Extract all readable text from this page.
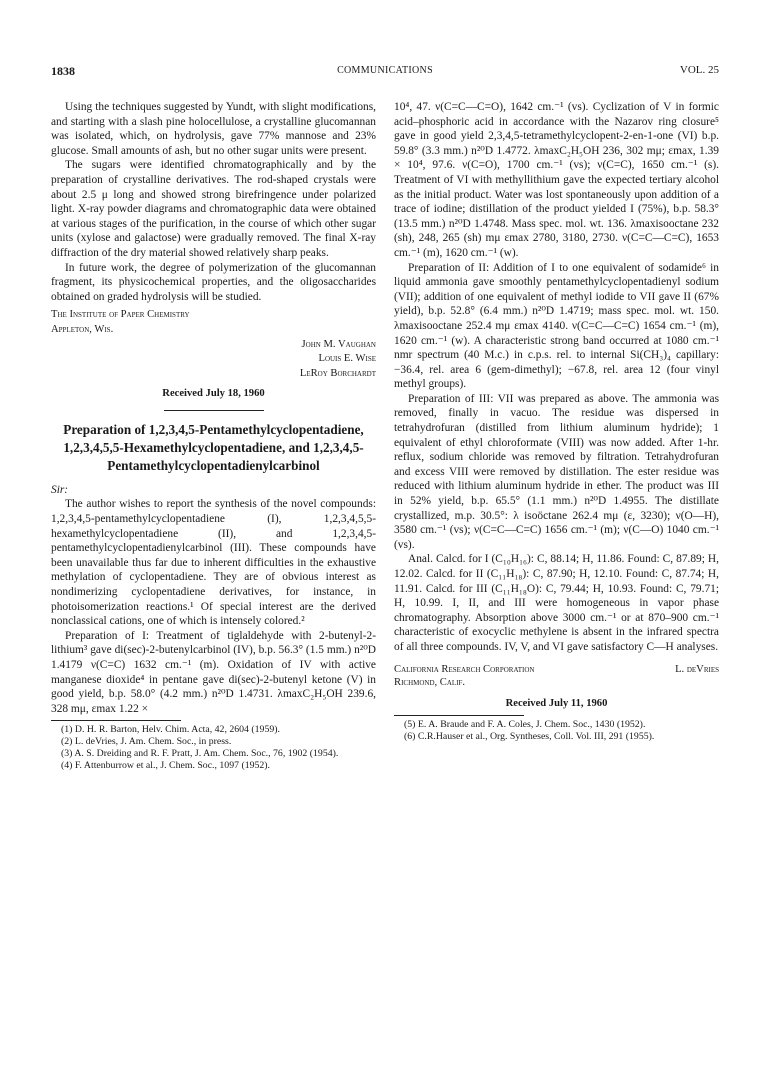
1838	COMMUNICATIONS	VOL. 25

Using the techniques suggested by Yundt, with slight modifications, and starting with a slash pine holocellulose, a crystalline glucomannan was isolated, which, on hydrolysis, gave 77% mannose and 23% glucose. Small amounts of ash, but no other sugar units were present.

The sugars were identified chromatographically and by the preparation of crystalline derivatives. The rod-shaped crystals were about 2.5 μ long and showed strong birefringence under polarized light. X-ray powder diagrams and chromatographic data were obtained at various stages of the purification, in the course of which other sugar units (xylose and galactose) were gradually removed. The final X-ray diffraction of the dry material showed relatively sharp peaks.

In future work, the degree of polymerization of the glucomannan fragment, its physicochemical properties, and the oligosaccharides obtained on graded hydrolysis will be studied.

The Institute of Paper Chemistry

Appleton, Wis.

John M. Vaughan

Louis E. Wise

LeRoy Borchardt

Received July 18, 1960
Preparation of 1,2,3,4,5-Pentamethylcyclopentadiene, 1,2,3,4,5,5-Hexamethylcyclopentadiene, and 1,2,3,4,5-Pentamethylcyclopentadienylcarbinol

Sir:

The author wishes to report the synthesis of the novel compounds: 1,2,3,4,5-pentamethylcyclopentadiene (I), 1,2,3,4,5,5-hexamethylcyclopentadiene (II), and 1,2,3,4,5-pentamethylcyclopentadienylcarbinol (III). These compounds have been unavailable thus far due to inherent difficulties in the exhaustive methylation of cyclopentadiene. They are of obvious interest as nondimerizing cyclopentadiene derivatives, for instance, in photoisomerization reactions.¹ Of special interest are the derived nonclassical cations, one of which is intensely colored.²

Preparation of I: Treatment of tiglaldehyde with 2-butenyl-2-lithium³ gave di(sec)-2-butenylcarbinol (IV), b.p. 56.3° (1.5 mm.) n²⁰D 1.4179 ν(C=C) 1632 cm.⁻¹ (m). Oxidation of IV with active manganese dioxide⁴ in pentane gave di(sec)-2-butenyl ketone (V) in good yield, b.p. 58.0° (4.2 mm.) n²⁰D 1.4731. λmaxC₂H₅OH 239.6, 328 mμ, εmax 1.22 ×

(1) D. H. R. Barton, Helv. Chim. Acta, 42, 2604 (1959).

(2) L. deVries, J. Am. Chem. Soc., in press.

(3) A. S. Dreiding and R. F. Pratt, J. Am. Chem. Soc., 76, 1902 (1954).

(4) F. Attenburrow et al., J. Chem. Soc., 1097 (1952).

10⁴, 47. ν(C=C—C=O), 1642 cm.⁻¹ (vs). Cyclization of V in formic acid–phosphoric acid in accordance with the Nazarov ring closure⁵ gave in good yield 2,3,4,5-tetramethylcyclopent-2-en-1-one (VI) b.p. 59.8° (3.3 mm.) n²⁰D 1.4772. λmaxC₂H₅OH 236, 302 mμ; εmax, 1.39 × 10⁴, 97.6. ν(C=O), 1700 cm.⁻¹ (vs); ν(C=C), 1650 cm.⁻¹ (s). Treatment of VI with methyllithium gave the expected tertiary alcohol as the initial product. Water was lost spontaneously upon addition of a trace of iodine; distillation of the product yielded I (75%), b.p. 58.3° (13.5 mm.) n²⁰D 1.4748. Mass spec. mol. wt. 136. λmaxisooctane 232 (sh), 248, 265 (sh) mμ εmax 2780, 3180, 2730. ν(C=C—C=C), 1653 cm.⁻¹ (m), 1620 cm.⁻¹ (w).

Preparation of II: Addition of I to one equivalent of sodamide⁶ in liquid ammonia gave smoothly pentamethylcyclopentadienyl sodium (VII); addition of one equivalent of methyl iodide to VII gave II (67% yield), b.p. 52.8° (6.4 mm.) n²⁰D 1.4719; mass spec. mol. wt. 150. λmaxisooctane 252.4 mμ εmax 4140. ν(C=C—C=C) 1654 cm.⁻¹ (m), 1620 cm.⁻¹ (w). A characteristic strong band occurred at 1080 cm.⁻¹ nmr spectrum (40 M.c.) in c.p.s. rel. to internal Si(CH₃)₄ capillary: −36.4, rel. area 6 (gem-dimethyl); −67.8, rel. area 12 (four vinyl methyl groups).

Preparation of III: VII was prepared as above. The ammonia was removed, finally in vacuo. The residue was dispersed in tetrahydrofuran (distilled from lithium aluminum hydride); 1 equivalent of ethyl chloroformate (VIII) was now added. After 1-hr. reflux, sodium chloride was removed by filtration. Tetrahydrofuran and excess VIII were removed by distillation. The ester residue was reduced with lithium aluminum hydride in ether. The product was III in 52% yield, b.p. 65.5° (1.1 mm.) n²⁰D 1.4955. The distillate crystallized, m.p. 30.5°: λ isoöctane 262.4 mμ (ε, 3230); ν(O—H), 3580 cm.⁻¹ (vs); ν(C=C—C=C) 1656 cm.⁻¹ (m); ν(C—O) 1040 cm.⁻¹ (vs).

Anal. Calcd. for I (C₁₀H₁₆): C, 88.14; H, 11.86. Found: C, 87.89; H, 12.02. Calcd. for II (C₁₁H₁₈): C, 87.90; H, 12.10. Found: C, 87.74; H, 11.91. Calcd. for III (C₁₁H₁₈O): C, 79.44; H, 10.93. Found: C, 79.71; H, 10.99. I, II, and III were homogeneous in vapor phase chromatography. Absorption above 3000 cm.⁻¹ or at 870–900 cm.⁻¹ characteristic of exocyclic methylene is absent in the infrared spectra of all three compounds. IV, V, and VI gave satisfactory C—H analyses.

California Research Corporation
Richmond, Calif.
L. deVries
Received July 11, 1960

(5) E. A. Braude and F. A. Coles, J. Chem. Soc., 1430 (1952).

(6) C.R.Hauser et al., Org. Syntheses, Coll. Vol. III, 291 (1955).
